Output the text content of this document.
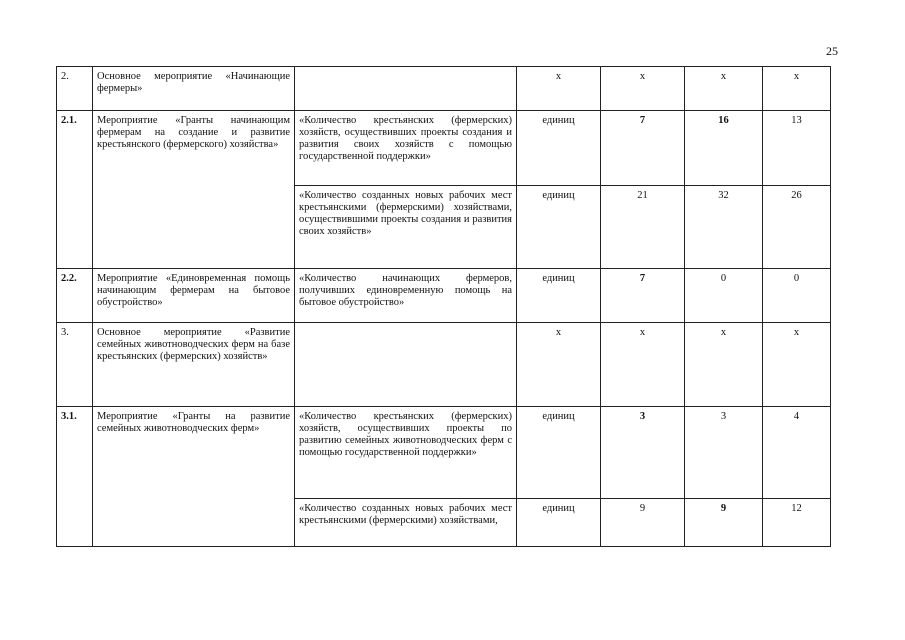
25
2.	Основное мероприятие «Начинающие фермеры»		х	х	х	х
2.1.	Мероприятие «Гранты начинающим фермерам на создание и развитие крестьянского (фермерского) хозяйства»	«Количество крестьянских (фермерских) хозяйств, осуществивших проекты создания и развития своих хозяйств с помощью государственной поддержки»	единиц	7	16	13
		«Количество созданных новых рабочих мест крестьянскими (фермерскими) хозяйствами, осуществившими проекты создания и развития своих хозяйств»	единиц	21	32	26
2.2.	Мероприятие «Единовременная помощь начинающим фермерам на бытовое обустройство»	«Количество начинающих фермеров, получивших единовременную помощь на бытовое обустройство»	единиц	7	0	0
3.	Основное мероприятие «Развитие семейных животноводческих ферм на базе крестьянских (фермерских) хозяйств»		х	х	х	х
3.1.	Мероприятие «Гранты на развитие семейных животноводческих ферм»	«Количество крестьянских (фермерских) хозяйств, осуществивших проекты по развитию семейных животноводческих ферм с помощью государственной поддержки»	единиц	3	3	4

		«Количество созданных новых рабочих мест крестьянскими (фермерскими) хозяйствами,	единиц	9	9	12
